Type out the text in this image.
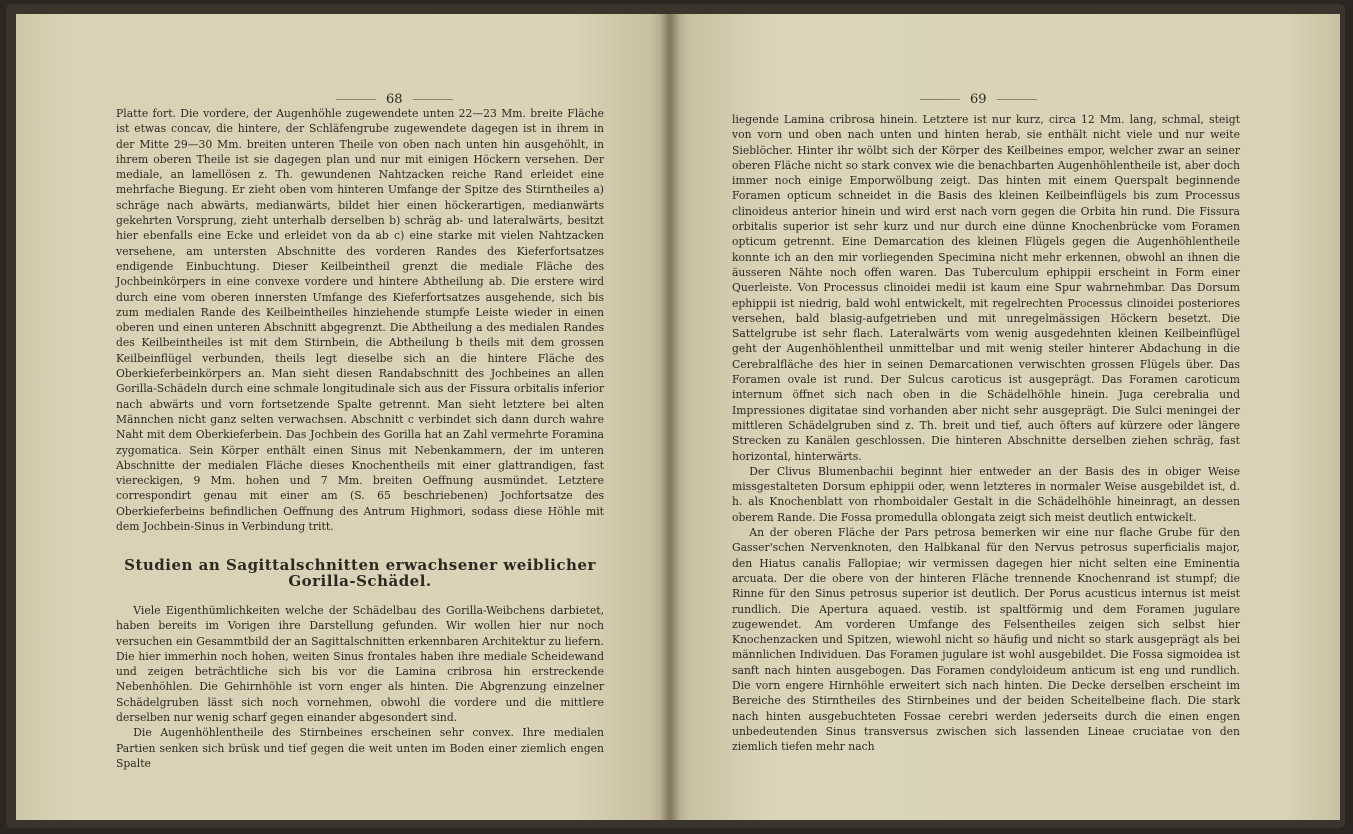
68

Platte fort. Die vordere, der Augenhöhle zugewendete unten 22—23 Mm. breite Fläche ist etwas concav, die hintere, der Schläfengrube zugewendete dagegen ist in ihrem in der Mitte 29—30 Mm. breiten unteren Theile von oben nach unten hin ausgehöhlt, in ihrem oberen Theile ist sie dagegen plan und nur mit einigen Höckern versehen. Der mediale, an lamellösen z. Th. gewundenen Nahtzacken reiche Rand erleidet eine mehrfache Biegung. Er zieht oben vom hinteren Umfange der Spitze des Stirntheiles a) schräge nach abwärts, medianwärts, bildet hier einen höckerartigen, medianwärts gekehrten Vorsprung, zieht unterhalb derselben b) schräg ab- und lateralwärts, besitzt hier ebenfalls eine Ecke und erleidet von da ab c) eine starke mit vielen Nahtzacken versehene, am untersten Abschnitte des vorderen Randes des Kieferfortsatzes endigende Einbuchtung. Dieser Keilbeintheil grenzt die mediale Fläche des Jochbeinkörpers in eine convexe vordere und hintere Abtheilung ab. Die erstere wird durch eine vom oberen innersten Umfange des Kieferfortsatzes ausgehende, sich bis zum medialen Rande des Keilbeintheiles hinziehende stumpfe Leiste wieder in einen oberen und einen unteren Abschnitt abgegrenzt. Die Abtheilung a des medialen Randes des Keilbeintheiles ist mit dem Stirnbein, die Abtheilung b theils mit dem grossen Keilbeinflügel verbunden, theils legt dieselbe sich an die hintere Fläche des Oberkieferbeinkörpers an. Man sieht diesen Randabschnitt des Jochbeines an allen Gorilla-Schädeln durch eine schmale longitudinale sich aus der Fissura orbitalis inferior nach abwärts und vorn fortsetzende Spalte getrennt. Man sieht letztere bei alten Männchen nicht ganz selten verwachsen. Abschnitt c verbindet sich dann durch wahre Naht mit dem Oberkieferbein. Das Jochbein des Gorilla hat an Zahl vermehrte Foramina zygomatica. Sein Körper enthält einen Sinus mit Nebenkammern, der im unteren Abschnitte der medialen Fläche dieses Knochentheils mit einer glattrandigen, fast viereckigen, 9 Mm. hohen und 7 Mm. breiten Oeffnung ausmündet. Letztere correspondirt genau mit einer am (S. 65 beschriebenen) Jochfortsatze des Oberkieferbeins befindlichen Oeffnung des Antrum Highmori, sodass diese Höhle mit dem Jochbein-Sinus in Verbindung tritt.

Studien an Sagittalschnitten erwachsener weiblicher Gorilla-Schädel.

Viele Eigenthümlichkeiten welche der Schädelbau des Gorilla-Weibchens darbietet, haben bereits im Vorigen ihre Darstellung gefunden. Wir wollen hier nur noch versuchen ein Gesammtbild der an Sagittalschnitten erkennbaren Architektur zu liefern. Die hier immerhin noch hohen, weiten Sinus frontales haben ihre mediale Scheidewand und zeigen beträchtliche sich bis vor die Lamina cribrosa hin erstreckende Nebenhöhlen. Die Gehirnhöhle ist vorn enger als hinten. Die Abgrenzung einzelner Schädelgruben lässt sich noch vornehmen, obwohl die vordere und die mittlere derselben nur wenig scharf gegen einander abgesondert sind.

Die Augenhöhlentheile des Stirnbeines erscheinen sehr convex. Ihre medialen Partien senken sich brüsk und tief gegen die weit unten im Boden einer ziemlich engen Spalte

69

liegende Lamina cribrosa hinein. Letztere ist nur kurz, circa 12 Mm. lang, schmal, steigt von vorn und oben nach unten und hinten herab, sie enthält nicht viele und nur weite Sieblöcher. Hinter ihr wölbt sich der Körper des Keilbeines empor, welcher zwar an seiner oberen Fläche nicht so stark convex wie die benachbarten Augenhöhlentheile ist, aber doch immer noch einige Emporwölbung zeigt. Das hinten mit einem Querspalt beginnende Foramen opticum schneidet in die Basis des kleinen Keilbeinflügels bis zum Processus clinoideus anterior hinein und wird erst nach vorn gegen die Orbita hin rund. Die Fissura orbitalis superior ist sehr kurz und nur durch eine dünne Knochenbrücke vom Foramen opticum getrennt. Eine Demarcation des kleinen Flügels gegen die Augenhöhlentheile konnte ich an den mir vorliegenden Specimina nicht mehr erkennen, obwohl an ihnen die äusseren Nähte noch offen waren. Das Tuberculum ephippii erscheint in Form einer Querleiste. Von Processus clinoidei medii ist kaum eine Spur wahrnehmbar. Das Dorsum ephippii ist niedrig, bald wohl entwickelt, mit regelrechten Processus clinoidei posteriores versehen, bald blasig-aufgetrieben und mit unregelmässigen Höckern besetzt. Die Sattelgrube ist sehr flach. Lateralwärts vom wenig ausgedehnten kleinen Keilbeinflügel geht der Augenhöhlentheil unmittelbar und mit wenig steiler hinterer Abdachung in die Cerebralfläche des hier in seinen Demarcationen verwischten grossen Flügels über. Das Foramen ovale ist rund. Der Sulcus caroticus ist ausgeprägt. Das Foramen caroticum internum öffnet sich nach oben in die Schädelhöhle hinein. Juga cerebralia und Impressiones digitatae sind vorhanden aber nicht sehr ausgeprägt. Die Sulci meningei der mittleren Schädelgruben sind z. Th. breit und tief, auch öfters auf kürzere oder längere Strecken zu Kanälen geschlossen. Die hinteren Abschnitte derselben ziehen schräg, fast horizontal, hinterwärts.

Der Clivus Blumenbachii beginnt hier entweder an der Basis des in obiger Weise missgestalteten Dorsum ephippii oder, wenn letzteres in normaler Weise ausgebildet ist, d. h. als Knochenblatt von rhomboidaler Gestalt in die Schädelhöhle hineinragt, an dessen oberem Rande. Die Fossa promedulla oblongata zeigt sich meist deutlich entwickelt.

An der oberen Fläche der Pars petrosa bemerken wir eine nur flache Grube für den Gasser'schen Nervenknoten, den Halbkanal für den Nervus petrosus superficialis major, den Hiatus canalis Fallopiae; wir vermissen dagegen hier nicht selten eine Eminentia arcuata. Der die obere von der hinteren Fläche trennende Knochenrand ist stumpf; die Rinne für den Sinus petrosus superior ist deutlich. Der Porus acusticus internus ist meist rundlich. Die Apertura aquaed. vestib. ist spaltförmig und dem Foramen jugulare zugewendet. Am vorderen Umfange des Felsentheiles zeigen sich selbst hier Knochenzacken und Spitzen, wiewohl nicht so häufig und nicht so stark ausgeprägt als bei männlichen Individuen. Das Foramen jugulare ist wohl ausgebildet. Die Fossa sigmoidea ist sanft nach hinten ausgebogen. Das Foramen condyloideum anticum ist eng und rundlich. Die vorn engere Hirnhöhle erweitert sich nach hinten. Die Decke derselben erscheint im Bereiche des Stirntheiles des Stirnbeines und der beiden Scheitelbeine flach. Die stark nach hinten ausgebuchteten Fossae cerebri werden jederseits durch die einen engen unbedeutenden Sinus transversus zwischen sich lassenden Lineae cruciatae von den ziemlich tiefen mehr nach
